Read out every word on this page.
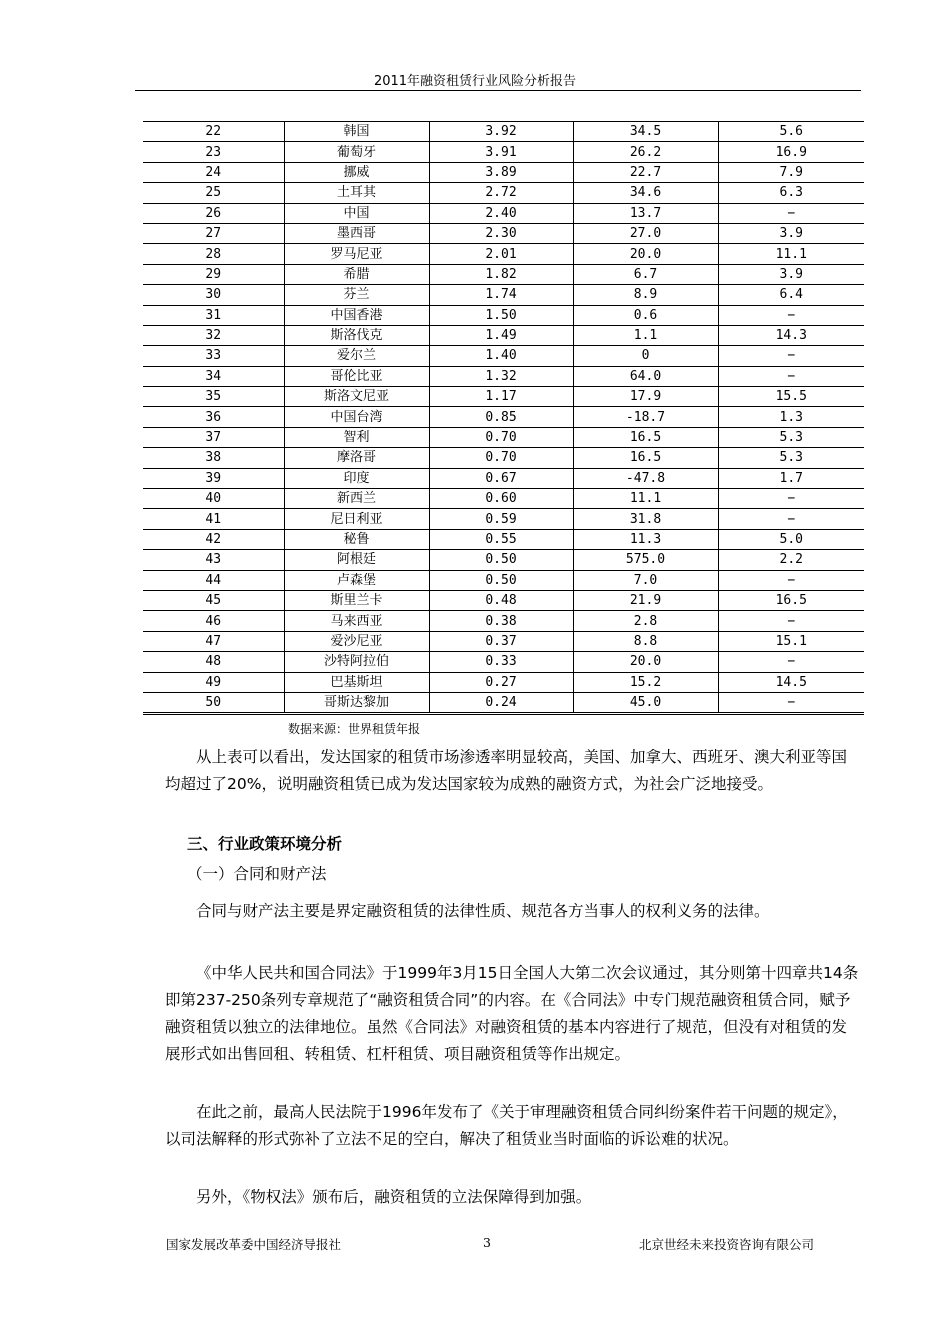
2011年融资租赁行业风险分析报告
22	韩国	3.92	34.5	5.6
23	葡萄牙	3.91	26.2	16.9
24	挪威	3.89	22.7	7.9
25	土耳其	2.72	34.6	6.3
26	中国	2.40	13.7	−
27	墨西哥	2.30	27.0	3.9
28	罗马尼亚	2.01	20.0	11.1
29	希腊	1.82	6.7	3.9
30	芬兰	1.74	8.9	6.4
31	中国香港	1.50	0.6	−
32	斯洛伐克	1.49	1.1	14.3
33	爱尔兰	1.40	0	−
34	哥伦比亚	1.32	64.0	−
35	斯洛文尼亚	1.17	17.9	15.5
36	中国台湾	0.85	-18.7	1.3
37	智利	0.70	16.5	5.3
38	摩洛哥	0.70	16.5	5.3
39	印度	0.67	-47.8	1.7
40	新西兰	0.60	11.1	−
41	尼日利亚	0.59	31.8	−
42	秘鲁	0.55	11.3	5.0
43	阿根廷	0.50	575.0	2.2
44	卢森堡	0.50	7.0	−
45	斯里兰卡	0.48	21.9	16.5
46	马来西亚	0.38	2.8	−
47	爱沙尼亚	0.37	8.8	15.1
48	沙特阿拉伯	0.33	20.0	−
49	巴基斯坦	0.27	15.2	14.5
50	哥斯达黎加	0.24	45.0	−
数据来源：世界租赁年报

从上表可以看出，发达国家的租赁市场渗透率明显较高，美国、加拿大、西班牙、澳大利亚等国均超过了20%，说明融资租赁已成为发达国家较为成熟的融资方式，为社会广泛地接受。

三、行业政策环境分析
（一）合同和财产法

合同与财产法主要是界定融资租赁的法律性质、规范各方当事人的权利义务的法律。

《中华人民共和国合同法》于1999年3月15日全国人大第二次会议通过，其分则第十四章共14条即第237-250条列专章规范了“融资租赁合同”的内容。在《合同法》中专门规范融资租赁合同，赋予融资租赁以独立的法律地位。虽然《合同法》对融资租赁的基本内容进行了规范，但没有对租赁的发展形式如出售回租、转租赁、杠杆租赁、项目融资租赁等作出规定。

在此之前，最高人民法院于1996年发布了《关于审理融资租赁合同纠纷案件若干问题的规定》，以司法解释的形式弥补了立法不足的空白，解决了租赁业当时面临的诉讼难的状况。

另外，《物权法》颁布后，融资租赁的立法保障得到加强。

国家发展改革委中国经济导报社	3	北京世经未来投资咨询有限公司
